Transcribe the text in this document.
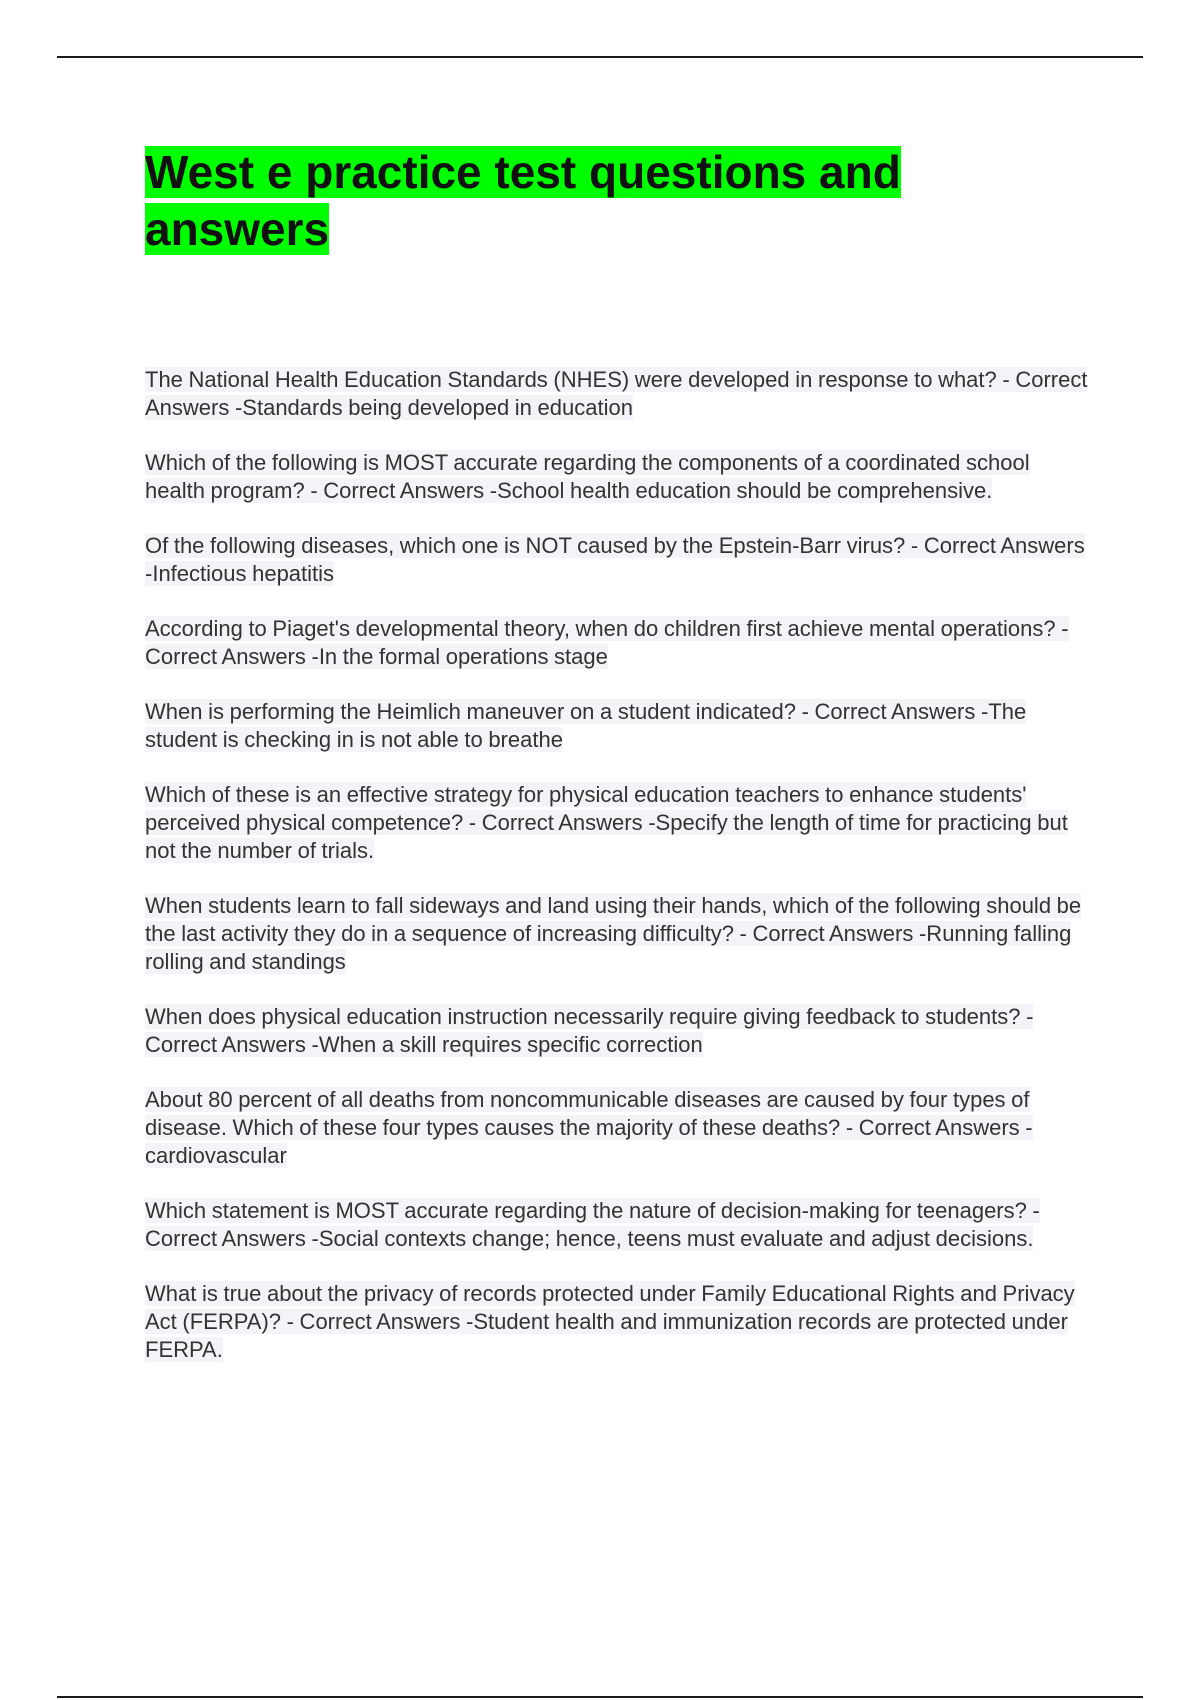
West e practice test questions and answers

The National Health Education Standards (NHES) were developed in response to what? - Correct Answers -Standards being developed in education

Which of the following is MOST accurate regarding the components of a coordinated school health program? - Correct Answers -School health education should be comprehensive.

Of the following diseases, which one is NOT caused by the Epstein-Barr virus? - Correct Answers -Infectious hepatitis

According to Piaget's developmental theory, when do children first achieve mental operations? - Correct Answers -In the formal operations stage

When is performing the Heimlich maneuver on a student indicated? - Correct Answers -The student is checking in is not able to breathe

Which of these is an effective strategy for physical education teachers to enhance students' perceived physical competence? - Correct Answers -Specify the length of time for practicing but not the number of trials.

When students learn to fall sideways and land using their hands, which of the following should be the last activity they do in a sequence of increasing difficulty? - Correct Answers -Running falling rolling and standings

When does physical education instruction necessarily require giving feedback to students? - Correct Answers -When a skill requires specific correction

About 80 percent of all deaths from noncommunicable diseases are caused by four types of disease. Which of these four types causes the majority of these deaths? - Correct Answers -cardiovascular

Which statement is MOST accurate regarding the nature of decision-making for teenagers? - Correct Answers -Social contexts change; hence, teens must evaluate and adjust decisions.

What is true about the privacy of records protected under Family Educational Rights and Privacy Act (FERPA)? - Correct Answers -Student health and immunization records are protected under FERPA.
